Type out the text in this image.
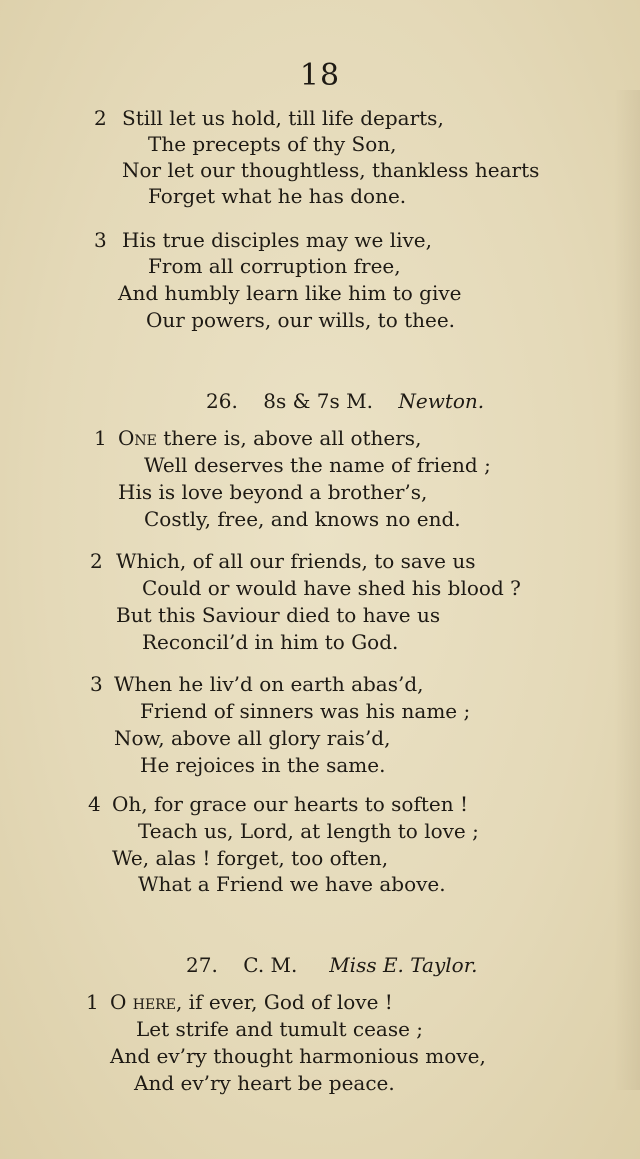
18
2 Still let us hold, till life departs,
The precepts of thy Son,
Nor let our thoughtless, thankless hearts
Forget what he has done.
3 His true disciples may we live,
From all corruption free,
And humbly learn like him to give
Our powers, our wills, to thee.
26. 8s & 7s M. Newton.
1 One there is, above all others,
Well deserves the name of friend ;
His is love beyond a brother’s,
Costly, free, and knows no end.
2 Which, of all our friends, to save us
Could or would have shed his blood ?
But this Saviour died to have us
Reconcil’d in him to God.
3 When he liv’d on earth abas’d,
Friend of sinners was his name ;
Now, above all glory rais’d,
He rejoices in the same.
4 Oh, for grace our hearts to soften !
Teach us, Lord, at length to love ;
We, alas ! forget, too often,
What a Friend we have above.
27. C. M. Miss E. Taylor.
1 O here, if ever, God of love !
Let strife and tumult cease ;
And ev’ry thought harmonious move,
And ev’ry heart be peace.
